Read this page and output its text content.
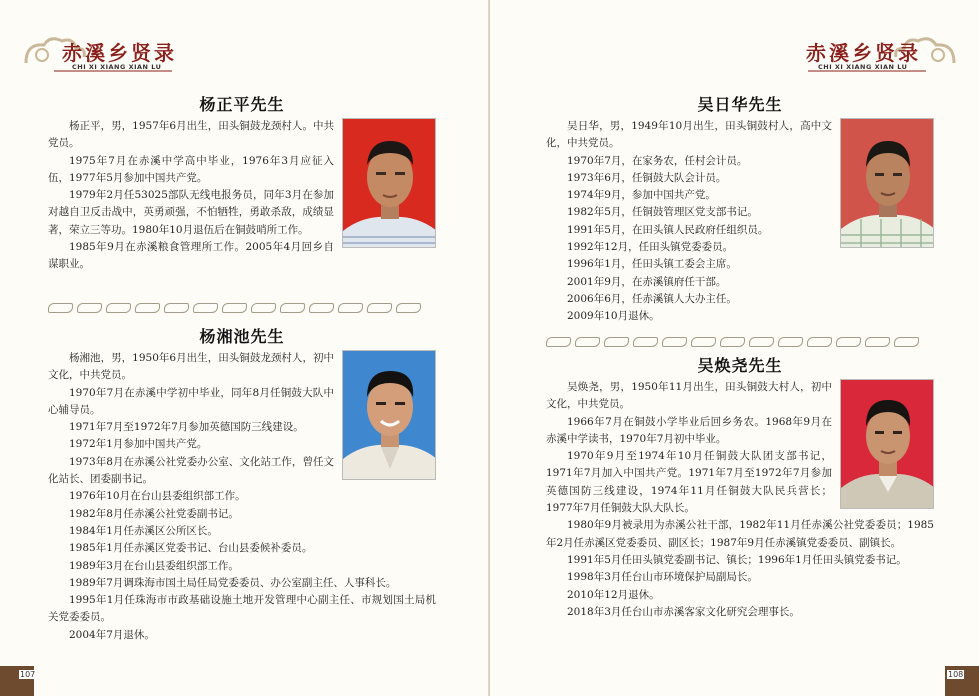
赤溪乡贤录
CHI XI XIANG XIAN LU
杨正平先生

杨正平，男，1957年6月出生，田头铜鼓龙颈村人。中共党员。

1975年7月在赤溪中学高中毕业，1976年3月应征入伍，1977年5月参加中国共产党。

1979年2月任53025部队无线电报务员，同年3月在参加对越自卫反击战中，英勇顽强，不怕牺牲，勇敢杀敌，成绩显著，荣立三等功。1980年10月退伍后在铜鼓哨所工作。

1985年9月在赤溪粮食管理所工作。2005年4月回乡自谋职业。

杨湘池先生

杨湘池，男，1950年6月出生，田头铜鼓龙颈村人，初中文化，中共党员。

1970年7月在赤溪中学初中毕业，同年8月任铜鼓大队中心辅导员。

1971年7月至1972年7月参加英德国防三线建设。

1972年1月参加中国共产党。

1973年8月在赤溪公社党委办公室、文化站工作，曾任文化站长、团委副书记。

1976年10月在台山县委组织部工作。

1982年8月任赤溪公社党委副书记。

1984年1月任赤溪区公所区长。

1985年1月任赤溪区党委书记、台山县委候补委员。

1989年3月在台山县委组织部工作。

1989年7月调珠海市国土局任局党委委员、办公室副主任、人事科长。

1995年1月任珠海市市政基础设施土地开发管理中心副主任、市规划国土局机关党委委员。

2004年7月退休。

107
赤溪乡贤录
CHI XI XIANG XIAN LU
吴日华先生

吴日华，男，1949年10月出生，田头铜鼓村人，高中文化，中共党员。

1970年7月，在家务农，任村会计员。

1973年6月，任铜鼓大队会计员。

1974年9月，参加中国共产党。

1982年5月，任铜鼓管理区党支部书记。

1991年5月，在田头镇人民政府任组织员。

1992年12月，任田头镇党委委员。

1996年1月，任田头镇工委会主席。

2001年9月，在赤溪镇府任干部。

2006年6月，任赤溪镇人大办主任。

2009年10月退休。

吴焕尧先生

吴焕尧，男，1950年11月出生，田头铜鼓大村人，初中文化，中共党员。

1966年7月在铜鼓小学毕业后回乡务农。1968年9月在赤溪中学读书，1970年7月初中毕业。

1970年9月至1974年10月任铜鼓大队团支部书记，1971年7月加入中国共产党。1971年7月至1972年7月参加英德国防三线建设，1974年11月任铜鼓大队民兵营长；1977年7月任铜鼓大队大队长。

1980年9月被录用为赤溪公社干部，1982年11月任赤溪公社党委委员；1985年2月任赤溪区党委委员、副区长；1987年9月任赤溪镇党委委员、副镇长。

1991年5月任田头镇党委副书记、镇长；1996年1月任田头镇党委书记。

1998年3月任台山市环境保护局副局长。

2010年12月退休。

2018年3月任台山市赤溪客家文化研究会理事长。

108
